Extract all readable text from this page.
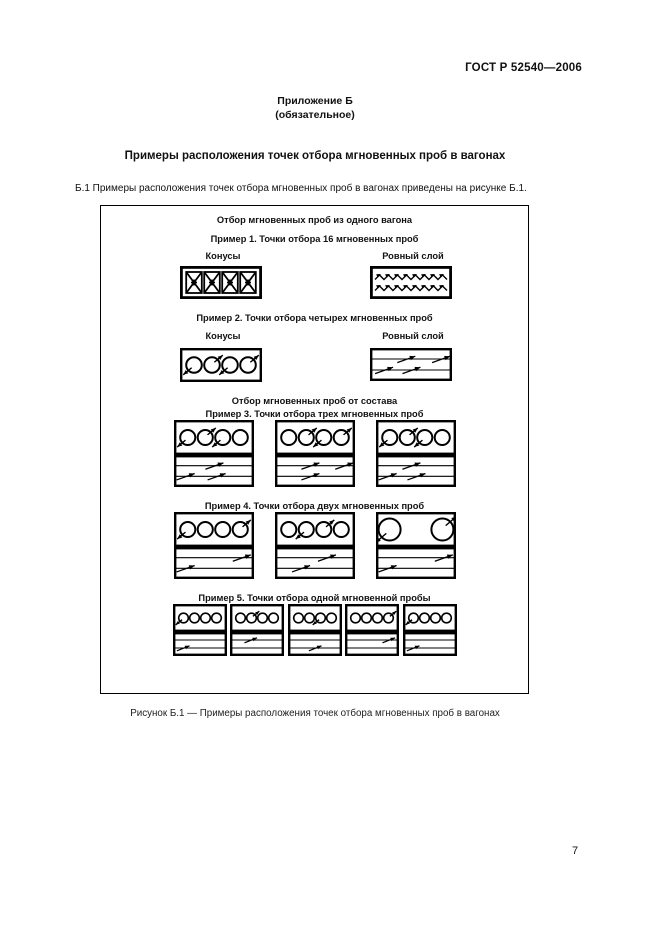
ГОСТ Р 52540—2006
Приложение Б
(обязательное)
Примеры расположения точек отбора мгновенных проб в вагонах
Б.1 Примеры расположения точек отбора мгновенных проб в вагонах приведены на рисунке Б.1.
Отбор мгновенных проб из одного вагона
Пример 1. Точки отбора 16 мгновенных проб
Конусы	Ровный слой
Пример 2. Точки отбора четырех мгновенных проб
Конусы	Ровный слой
Отбор мгновенных проб от состава
Пример 3. Точки отбора трех мгновенных проб
Пример 4. Точки отбора двух мгновенных проб
Пример 5. Точки отбора одной мгновенной пробы
Рисунок Б.1 — Примеры расположения точек отбора мгновенных проб в вагонах
7
